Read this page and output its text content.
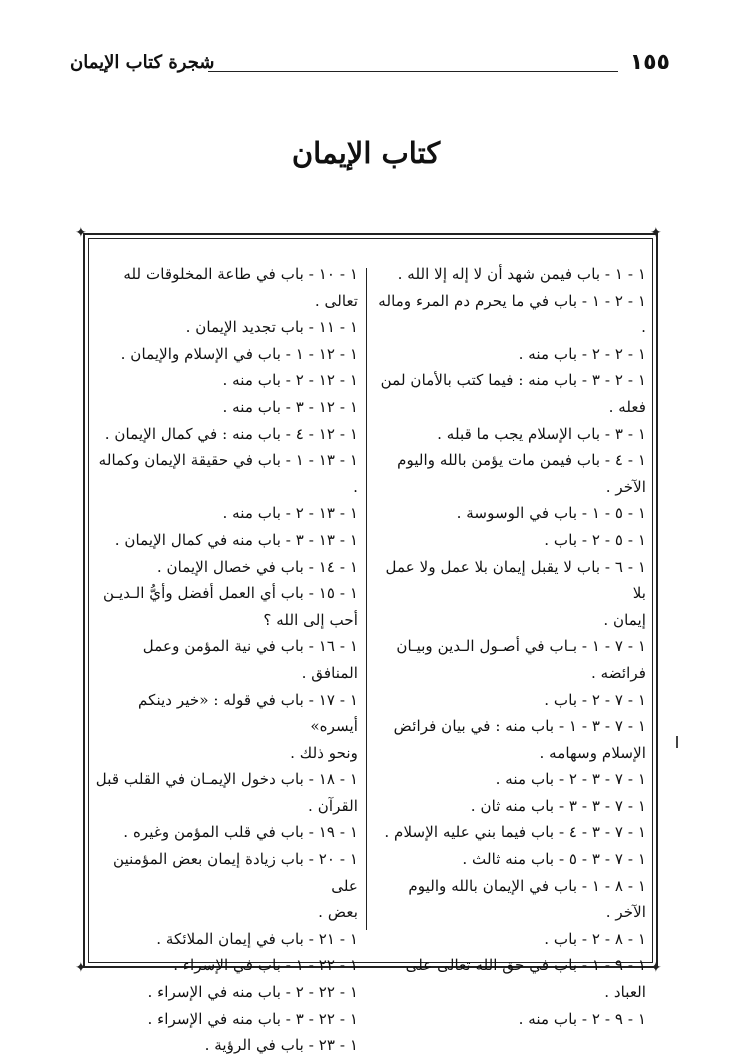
١٥٥
شجرة كتاب الإيمان
كتاب الإيمان
✦	✦
✦	✦
١ - ١ - باب فيمن شهد أن لا إله إلا الله .
١ - ٢ - ١ - باب في ما يحرم دم المرء وماله .
١ - ٢ - ٢ - باب منه .
١ - ٢ - ٣ - باب منه : فيما كتب بالأمان لمن
فعله .
١ - ٣ - باب الإسلام يجب ما قبله .
١ - ٤ - باب فيمن مات يؤمن بالله واليوم الآخر .
١ - ٥ - ١ - باب في الوسوسة .
١ - ٥ - ٢ - باب .
١ - ٦ - باب لا يقبل إيمان بلا عمل ولا عمل بلا
إيمان .
١ - ٧ - ١ - بـاب في أصـول الـدين وبيـان
فرائضه .
١ - ٧ - ٢ - باب .
١ - ٧ - ٣ - ١ - باب منه : في بيان فرائض
الإسلام وسهامه .
١ - ٧ - ٣ - ٢ - باب منه .
١ - ٧ - ٣ - ٣ - باب منه ثان .
١ - ٧ - ٣ - ٤ - باب فيما بني عليه الإسلام .
١ - ٧ - ٣ - ٥ - باب منه ثالث .
١ - ٨ - ١ - باب في الإيمان بالله واليوم الآخر .
١ - ٨ - ٢ - باب .
١ - ٩ - ١ - باب في حق الله تعالى على العباد .
١ - ٩ - ٢ - باب منه .
١ - ١٠ - باب في طاعة المخلوقات لله تعالى .
١ - ١١ - باب تجديد الإيمان .
١ - ١٢ - ١ - باب في الإسلام والإيمان .
١ - ١٢ - ٢ - باب منه .
١ - ١٢ - ٣ - باب منه .
١ - ١٢ - ٤ - باب منه : في كمال الإيمان .
١ - ١٣ - ١ - باب في حقيقة الإيمان وكماله .
١ - ١٣ - ٢ - باب منه .
١ - ١٣ - ٣ - باب منه في كمال الإيمان .
١ - ١٤ - باب في خصال الإيمان .
١ - ١٥ - باب أي العمل أفضل وأيُّ الـديـن
أحب إلى الله ؟
١ - ١٦ - باب في نية المؤمن وعمل المنافق .
١ - ١٧ - باب في قوله : «خير دينكم أيسره»
ونحو ذلك .
١ - ١٨ - باب دخول الإيمـان في القلب قبل
القرآن .
١ - ١٩ - باب في قلب المؤمن وغيره .
١ - ٢٠ - باب زيادة إيمان بعض المؤمنين على
بعض .
١ - ٢١ - باب في إيمان الملائكة .
١ - ٢٢ - ١ - باب في الإسراء .
١ - ٢٢ - ٢ - باب منه في الإسراء .
١ - ٢٢ - ٣ - باب منه في الإسراء .
١ - ٢٣ - باب في الرؤية .
